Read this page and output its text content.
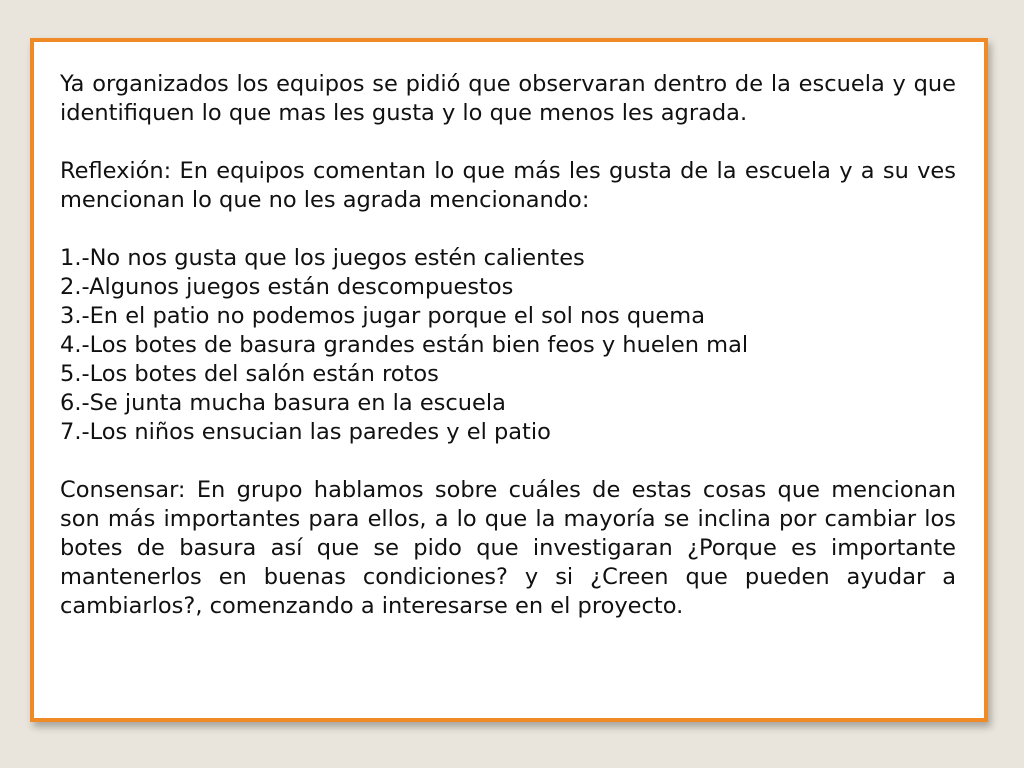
Ya organizados los equipos se pidió que observaran dentro de la escuela y que identifiquen lo que mas les gusta y lo que menos les agrada.

Reflexión: En equipos comentan lo que más les gusta de la escuela y a su ves mencionan lo que no les agrada mencionando:

1.-No nos gusta que los juegos estén calientes
2.-Algunos juegos están descompuestos
3.-En el patio no podemos jugar porque el sol nos quema
4.-Los botes de basura grandes están bien feos y huelen mal
5.-Los botes del salón están rotos
6.-Se junta mucha basura en la escuela
7.-Los niños ensucian las paredes y el patio

Consensar: En grupo hablamos sobre cuáles de estas cosas que mencionan son más importantes para ellos, a lo que la mayoría se inclina por cambiar los botes de basura así que se pido que investigaran ¿Porque es importante mantenerlos en buenas condiciones? y si ¿Creen que pueden ayudar a cambiarlos?, comenzando a interesarse en el proyecto.
